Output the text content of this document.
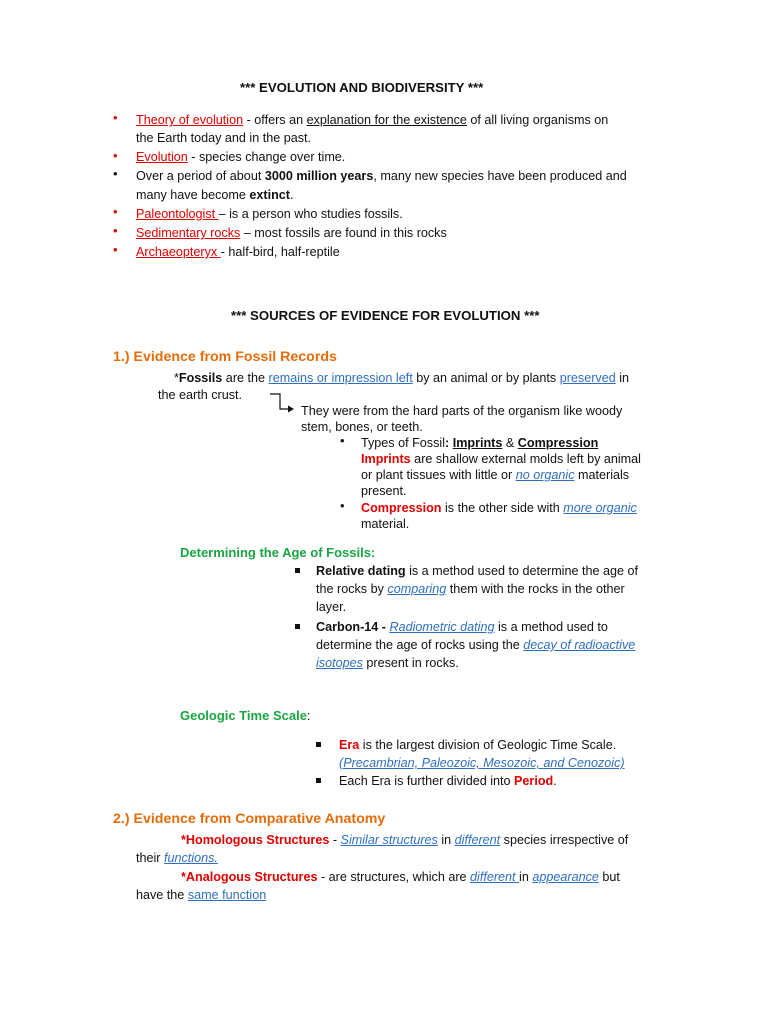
*** EVOLUTION AND BIODIVERSITY ***
• Theory of evolution - offers an explanation for the existence of all living organisms on
the Earth today and in the past.
• Evolution - species change over time.
• Over a period of about 3000 million years, many new species have been produced and
many have become extinct.
• Paleontologist – is a person who studies fossils.
• Sedimentary rocks – most fossils are found in this rocks
• Archaeopteryx - half-bird, half-reptile
*** SOURCES OF EVIDENCE FOR EVOLUTION ***
1.) Evidence from Fossil Records
*Fossils are the remains or impression left by an animal or by plants preserved in
the earth crust.
They were from the hard parts of the organism like woody
stem, bones, or teeth.
• Types of Fossil: Imprints & Compression
Imprints are shallow external molds left by animal
or plant tissues with little or no organic materials
present.
• Compression is the other side with more organic
material.
Determining the Age of Fossils:
Relative dating is a method used to determine the age of
the rocks by comparing them with the rocks in the other
layer.
Carbon-14 - Radiometric dating is a method used to
determine the age of rocks using the decay of radioactive
isotopes present in rocks.
Geologic Time Scale:
Era is the largest division of Geologic Time Scale.
(Precambrian, Paleozoic, Mesozoic, and Cenozoic)
Each Era is further divided into Period.
2.) Evidence from Comparative Anatomy
*Homologous Structures - Similar structures in different species irrespective of
their functions.
*Analogous Structures - are structures, which are different in appearance but
have the same function
